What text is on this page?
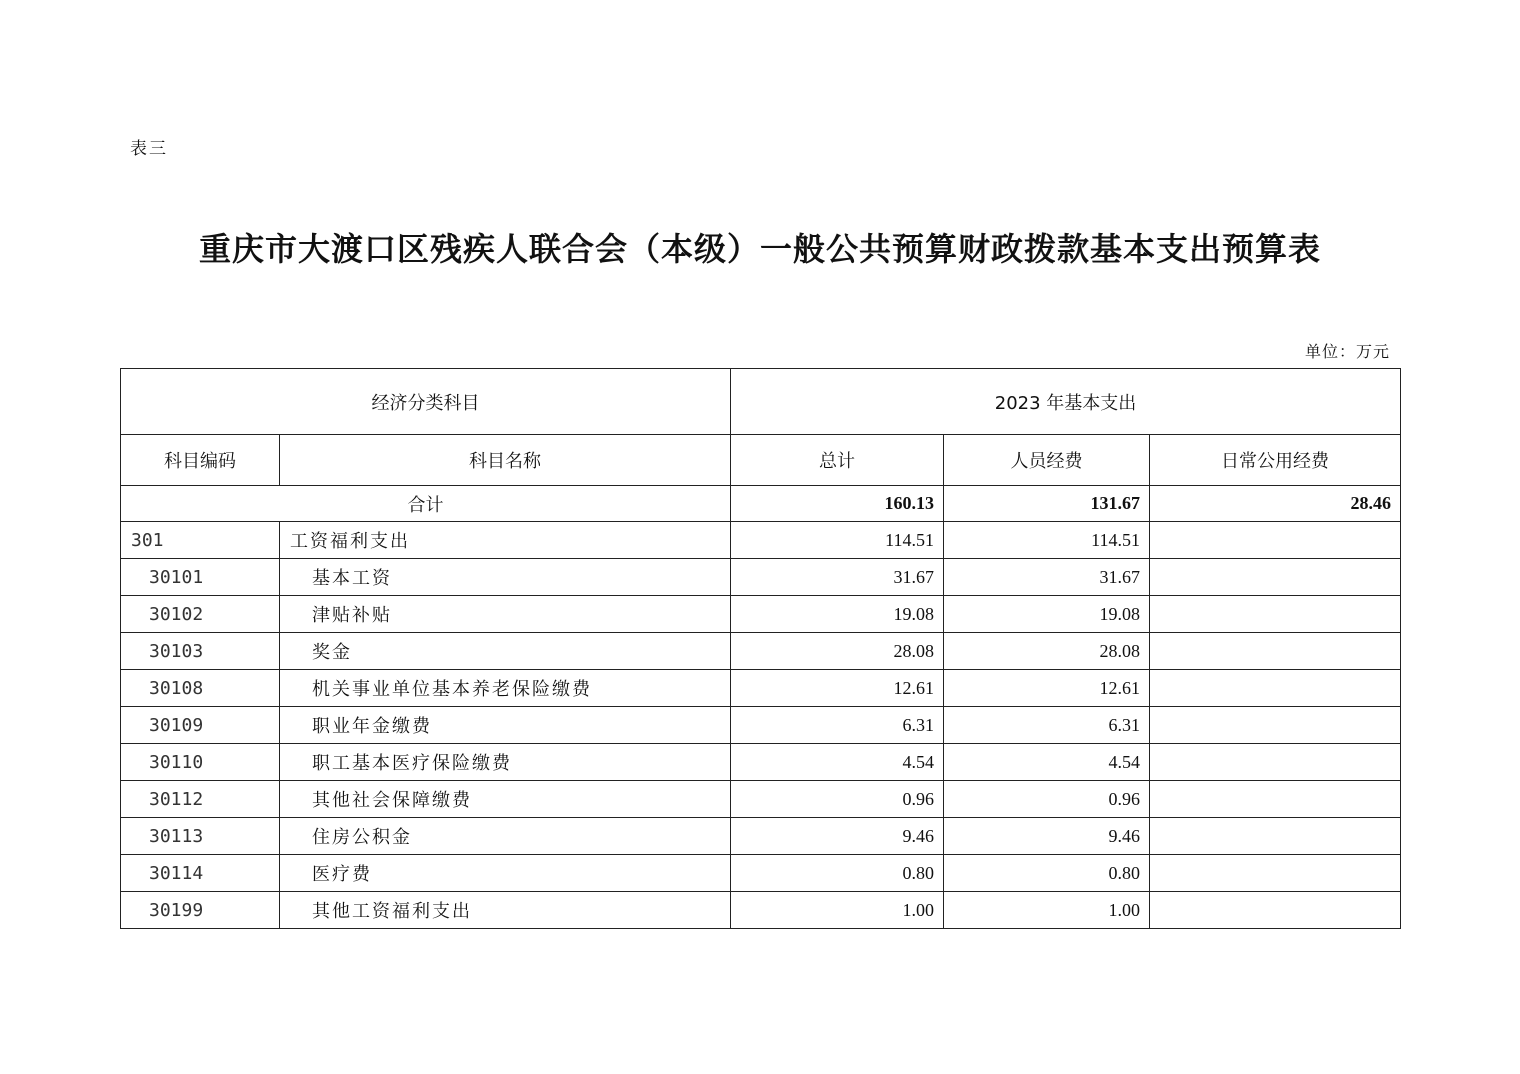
表三
重庆市大渡口区残疾人联合会（本级）一般公共预算财政拨款基本支出预算表
单位：万元
经济分类科目		2023 年基本支出		
科目编码	科目名称	总计	人员经费	日常公用经费
合计		160.13	131.67	28.46
301	工资福利支出	114.51	114.51	
30101	基本工资	31.67	31.67	
30102	津贴补贴	19.08	19.08	
30103	奖金	28.08	28.08	
30108	机关事业单位基本养老保险缴费	12.61	12.61	
30109	职业年金缴费	6.31	6.31	
30110	职工基本医疗保险缴费	4.54	4.54	
30112	其他社会保障缴费	0.96	0.96	
30113	住房公积金	9.46	9.46	
30114	医疗费	0.80	0.80	
30199	其他工资福利支出	1.00	1.00	
